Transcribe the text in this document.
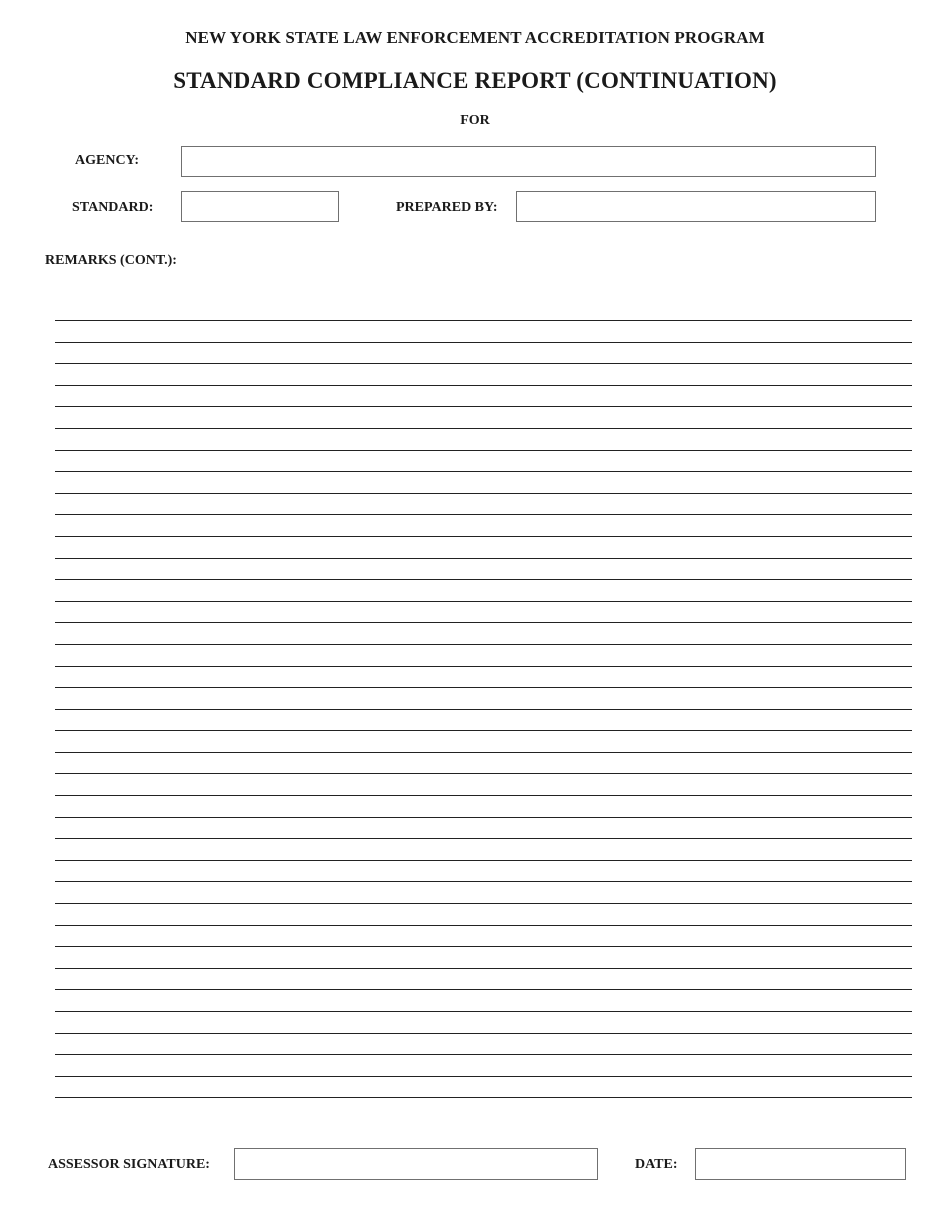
NEW YORK STATE LAW ENFORCEMENT ACCREDITATION PROGRAM
STANDARD COMPLIANCE REPORT (CONTINUATION)
FOR
AGENCY:
STANDARD:	PREPARED BY:
REMARKS (CONT.):
ASSESSOR SIGNATURE:	DATE:
